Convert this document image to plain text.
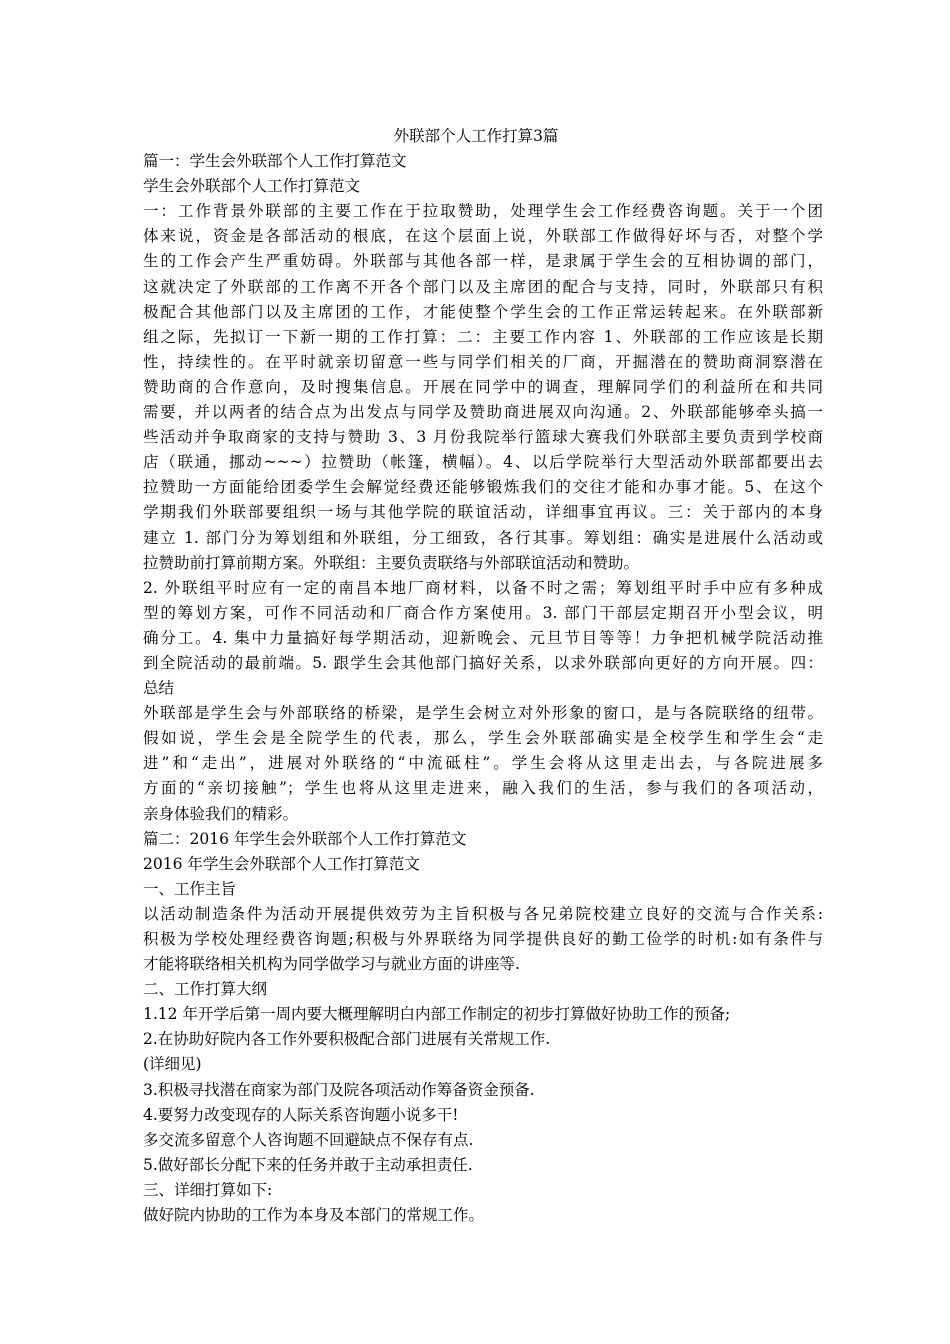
外联部个人工作打算3篇
篇一：学生会外联部个人工作打算范文
学生会外联部个人工作打算范文
一：工作背景外联部的主要工作在于拉取赞助，处理学生会工作经费咨询题。关于一个团
体来说，资金是各部活动的根底，在这个层面上说，外联部工作做得好坏与否，对整个学
生的工作会产生严重妨碍。外联部与其他各部一样，是隶属于学生会的互相协调的部门，
这就决定了外联部的工作离不开各个部门以及主席团的配合与支持，同时，外联部只有积
极配合其他部门以及主席团的工作，才能使整个学生会的工作正常运转起来。在外联部新
组之际，先拟订一下新一期的工作打算：二：主要工作内容 1、外联部的工作应该是长期
性，持续性的。在平时就亲切留意一些与同学们相关的厂商，开掘潜在的赞助商洞察潜在
赞助商的合作意向，及时搜集信息。开展在同学中的调查，理解同学们的利益所在和共同
需要，并以两者的结合点为出发点与同学及赞助商进展双向沟通。2、外联部能够牵头搞一
些活动并争取商家的支持与赞助 3、3 月份我院举行篮球大赛我们外联部主要负责到学校商
店（联通，挪动~~~）拉赞助（帐篷，横幅）。4、以后学院举行大型活动外联部都要出去
拉赞助一方面能给团委学生会解觉经费还能够锻炼我们的交往才能和办事才能。5、在这个
学期我们外联部要组织一场与其他学院的联谊活动，详细事宜再议。三：关于部内的本身
建立 1. 部门分为筹划组和外联组，分工细致，各行其事。筹划组：确实是进展什么活动或
拉赞助前打算前期方案。外联组：主要负责联络与外部联谊活动和赞助。
2. 外联组平时应有一定的南昌本地厂商材料，以备不时之需；筹划组平时手中应有多种成
型的筹划方案，可作不同活动和厂商合作方案使用。3. 部门干部层定期召开小型会议，明
确分工。4. 集中力量搞好每学期活动，迎新晚会、元旦节目等等！力争把机械学院活动推
到全院活动的最前端。5. 跟学生会其他部门搞好关系，以求外联部向更好的方向开展。四：
总结
外联部是学生会与外部联络的桥梁，是学生会树立对外形象的窗口，是与各院联络的纽带。
假如说，学生会是全院学生的代表，那么，学生会外联部确实是全校学生和学生会“走
进”和“走出”，进展对外联络的“中流砥柱”。学生会将从这里走出去，与各院进展多
方面的“亲切接触”；学生也将从这里走进来，融入我们的生活，参与我们的各项活动，
亲身体验我们的精彩。
篇二：2016 年学生会外联部个人工作打算范文
2016 年学生会外联部个人工作打算范文
一、工作主旨
以活动制造条件为活动开展提供效劳为主旨积极与各兄弟院校建立良好的交流与合作关系:
积极为学校处理经费咨询题;积极与外界联络为同学提供良好的勤工俭学的时机:如有条件与
才能将联络相关机构为同学做学习与就业方面的讲座等.
二、工作打算大纲
1.12 年开学后第一周内要大概理解明白内部工作制定的初步打算做好协助工作的预备;
2.在协助好院内各工作外要积极配合部门进展有关常规工作.
(详细见)
3.积极寻找潜在商家为部门及院各项活动作筹备资金预备.
4.要努力改变现存的人际关系咨询题小说多干!
多交流多留意个人咨询题不回避缺点不保存有点.
5.做好部长分配下来的任务并敢于主动承担责任.
三、详细打算如下:
做好院内协助的工作为本身及本部门的常规工作。
